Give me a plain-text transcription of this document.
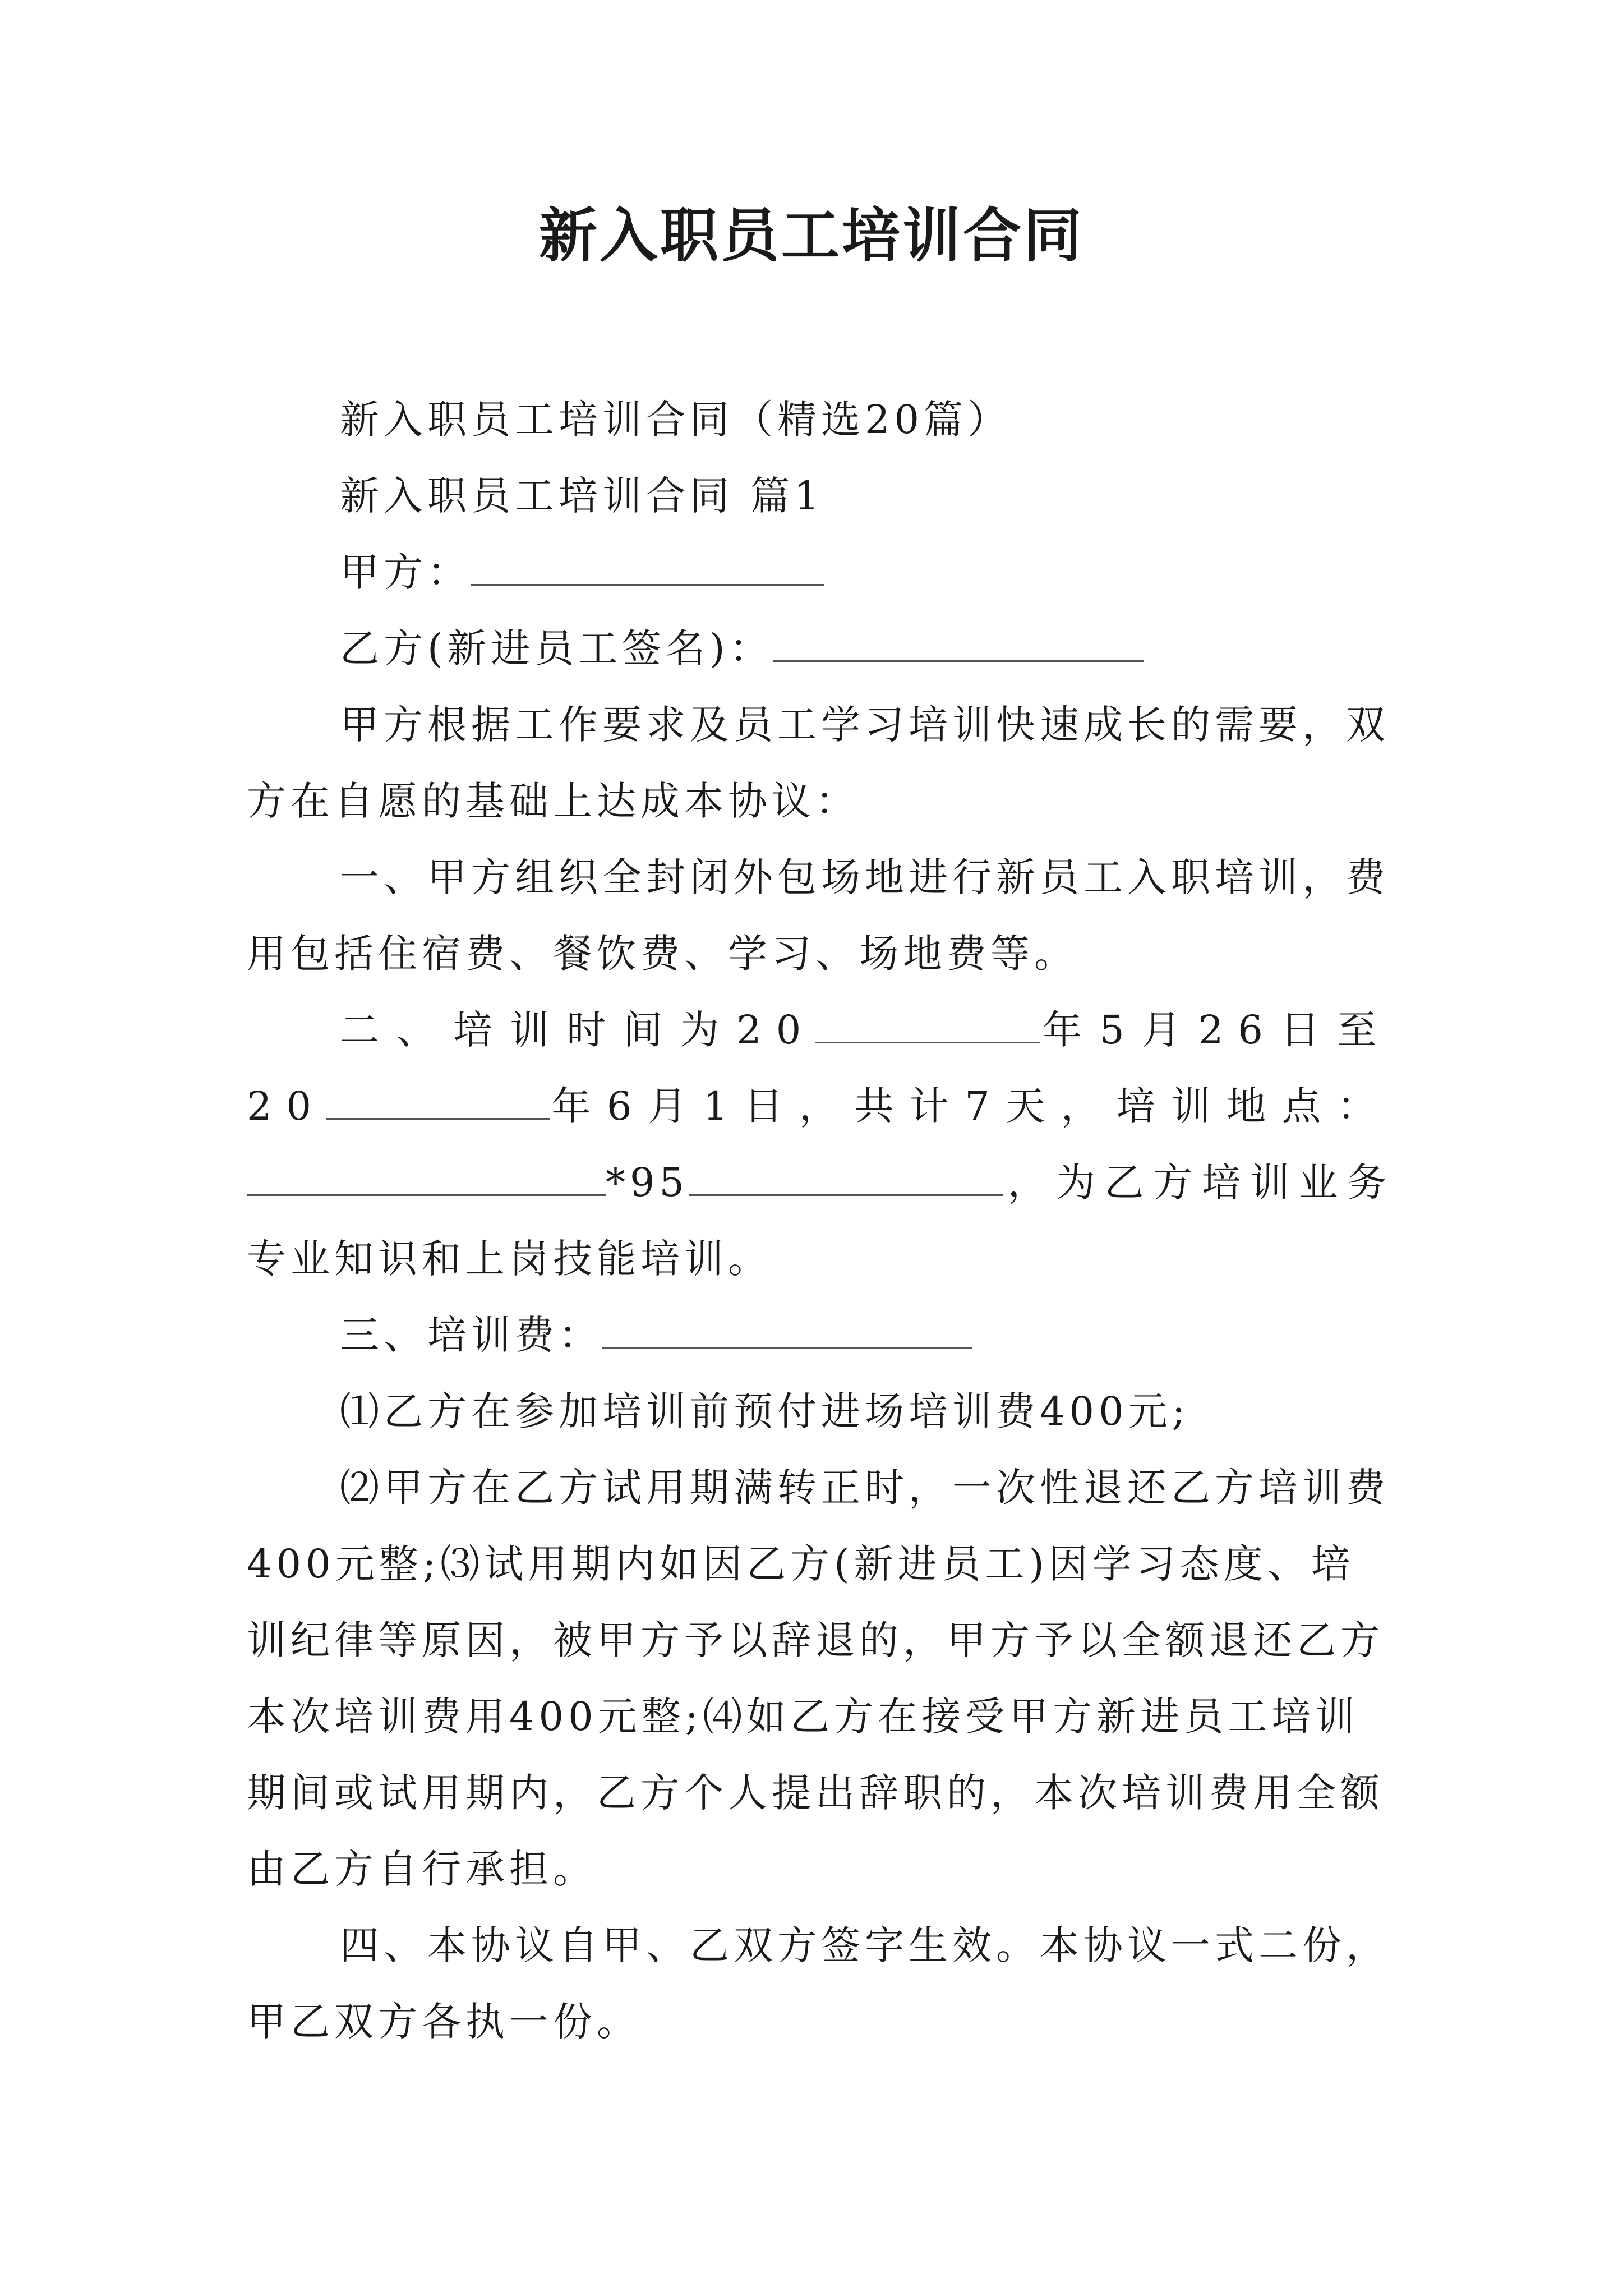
新入职员工培训合同

新入职员工培训合同（精选20篇）

新入职员工培训合同 篇1

甲方：

乙方(新进员工签名)：

甲方根据工作要求及员工学习培训快速成长的需要，双方在自愿的基础上达成本协议：

一、甲方组织全封闭外包场地进行新员工入职培训，费用包括住宿费、餐饮费、学习、场地费等。

二、培训时间为20	年5月26日至

20	年6月1日，共计7天，培训地点：

*95	，为乙方培训业务

专业知识和上岗技能培训。

三、培训费：

⑴乙方在参加培训前预付进场培训费400元;

⑵甲方在乙方试用期满转正时，一次性退还乙方培训费400元整;⑶试用期内如因乙方(新进员工)因学习态度、培训纪律等原因，被甲方予以辞退的，甲方予以全额退还乙方本次培训费用400元整;⑷如乙方在接受甲方新进员工培训期间或试用期内，乙方个人提出辞职的，本次培训费用全额由乙方自行承担。

四、本协议自甲、乙双方签字生效。本协议一式二份，甲乙双方各执一份。
